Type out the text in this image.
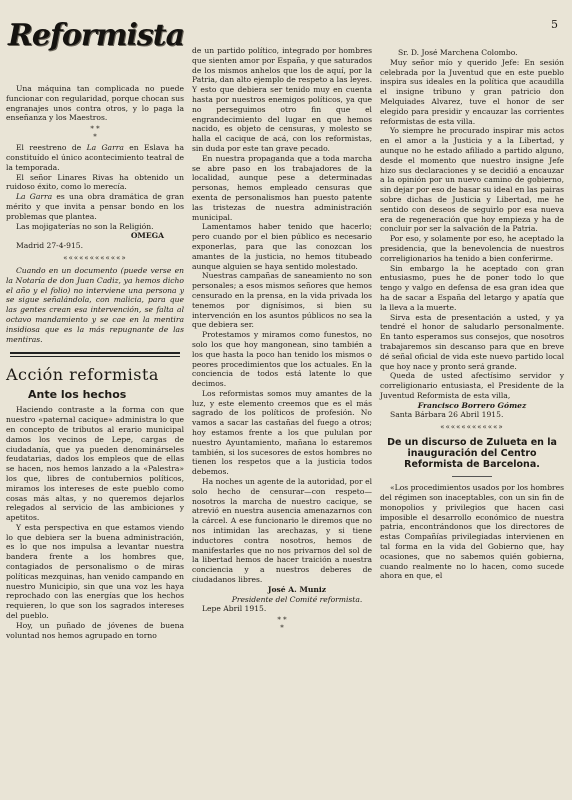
Reformista	5

Una máquina tan complicada no puede funcionar con regularidad, porque chocan sus engranajes unos contra otros, y lo paga la enseñanza y los Maestros.

* *
*

El reestreno de La Garra en Eslava ha constituído el único acontecimiento teatral de la temporada.

El señor Linares Rivas ha obtenido un ruidoso éxito, como lo merecía.

La Garra es una obra dramática de gran mérito y que invita a pensar bondo en los problemas que plantea.

Las mojigaterías no son la Religión.

OMEGA

Madrid 27-4-915.

«««««««««««»

Cuando en un documento (puede verse en la Notaría de don Juan Cadiz, ya hemos dicho el año y el folio) no interviene una persona y se sigue señalándola, con malicia, para que las gentes crean esa intervención, se falta al octavo mandamiento y se cae en la mentira insidiosa que es la más repugnante de las mentiras.

Acción reformista
Ante los hechos

Haciendo contraste a la forma con que nuestro «paternal cacique» administra lo que en concepto de tributos al erario municipal damos los vecinos de Lepe, cargas de ciudadanía, que ya pueden denominárseles feudatarias, dados los empleos que de ellas se hacen, nos hemos lanzado a la «Palestra» los que, libres de contubernios políticos, miramos los intereses de este pueblo como cosas más altas, y no queremos dejarlos relegados al servicio de las ambiciones y apetitos.

Y esta perspectiva en que estamos viendo lo que debiera ser la buena administración, es lo que nos impulsa a levantar nuestra bandera frente a los hombres que, contagiados de personalismo o de miras políticas mezquinas, han venido campando en nuestro Municipio, sin que una voz les haya reprochado con las energías que los hechos requieren, lo que son los sagrados intereses del pueblo.

Hoy, un puñado de jóvenes de buena voluntad nos hemos agrupado en torno

de un partido político, integrado por hombres que sienten amor por España, y que saturados de los mismos anhelos que los de aquí, por la Patria, dan alto ejemplo de respeto a las leyes. Y esto que debiera ser tenido muy en cuenta hasta por nuestros enemigos políticos, ya que no perseguimos otro fin que el engrandecimiento del lugar en que hemos nacido, es objeto de censuras, y molesto se halla el cacique de acá, con los reformistas, sin duda por este tan grave pecado.

En nuestra propaganda que a toda marcha se abre paso en los trabajadores de la localidad, aunque pese a determinadas personas, hemos empleado censuras que exenta de personalismos han puesto patente las tristezas de nuestra administración municipal.

Lamentamos haber tenido que hacerlo; pero cuando por el bien público es necesario exponerlas, para que las conozcan los amantes de la justicia, no hemos titubeado aunque alguien se haya sentido molestado.

Nuestras campañas de saneamiento no son personales; a esos mismos señores que hemos censurado en la prensa, en la vida privada los tenemos por dignísimos, si bien su intervención en los asuntos públicos no sea la que debiera ser.

Protestamos y miramos como funestos, no solo los que hoy mangonean, sino también a los que hasta la poco han tenido los mismos o peores procedimientos que los actuales. En la conciencia de todos está latente lo que decimos.

Los reformistas somos muy amantes de la luz, y este elemento creemos que es el más sagrado de los políticos de profesión. No vamos a sacar las castañas del fuego a otros; hoy estamos frente a los que pululan por nuestro Ayuntamiento, mañana lo estaremos también, si los sucesores de estos hombres no tienen los respetos que a la justicia todos debemos.

Ha noches un agente de la autoridad, por el solo hecho de censurar—con respeto—nosotros la marcha de nuestro cacique, se atrevió en nuestra ausencia amenazarnos con la cárcel. A ese funcionario le diremos que no nos intimidan las arechazas, y si tiene inductores contra nosotros, hemos de manifestarles que no nos privarnos del sol de la libertad hemos de hacer traición a nuestra conciencia y a nuestros deberes de ciudadanos libres.

José A. Muniz
Presidente del Comité reformista.

Lepe Abril 1915.

* *
*

Sr. D. José Marchena Colombo.

Muy señor mío y querido Jefe: En sesión celebrada por la Juventud que en este pueblo inspira sus ideales en la política que acaudilla el insigne tribuno y gran patricio don Melquiades Alvarez, tuve el honor de ser elegido para presidir y encauzar las corrientes reformistas de esta villa.

Yo siempre he procurado inspirar mis actos en el amor a la Justicia y a la Libertad, y aunque no he estado afiliado a partido alguno, desde el momento que nuestro insigne Jefe hizo sus declaraciones y se decidió a encauzar a la opinión por un nuevo camino de gobierno, sin dejar por eso de basar su ideal en las pairas sobre dichas de Justicia y Libertad, me he sentido con deseos de seguirlo por esa nueva era de regeneración que hoy empieza y ha de concluir por ser la salvación de la Patria.

Por eso, y solamente por eso, he aceptado la presidencia, que la benevolencia de nuestros correligionarios ha tenido a bien conferirme.

Sin embargo la he aceptado con gran entusiasmo, pues he de poner todo lo que tengo y valgo en defensa de esa gran idea que ha de sacar a España del letargo y apatía que la lleva a la muerte.

Sirva esta de presentación a usted, y ya tendré el honor de saludarlo personalmente. En tanto esperamos sus consejos, que nosotros trabajaremos sin descanso para que en breve dé señal oficial de vida este nuevo partido local que hoy nace y pronto será grande.

Queda de usted afectísimo servidor y correligionario entusiasta, el Presidente de la Juventud Reformista de esta villa,

Francisco Borrero Gómez

Santa Bárbara 26 Abril 1915.

«««««««««««»
De un discurso de Zulueta en la inauguración del Centro Reformista de Barcelona.

«Los procedimientos usados por los hombres del régimen son inaceptables, con un sin fin de monopolios y privilegios que hacen casi imposible el desarrollo económico de nuestra patria, encontrándonos que los directores de estas Compañías privilegiadas intervienen en tal forma en la vida del Gobierno que, hay ocasiones, que no sabemos quién gobierna, cuando realmente no lo hacen, como sucede ahora en que, el
